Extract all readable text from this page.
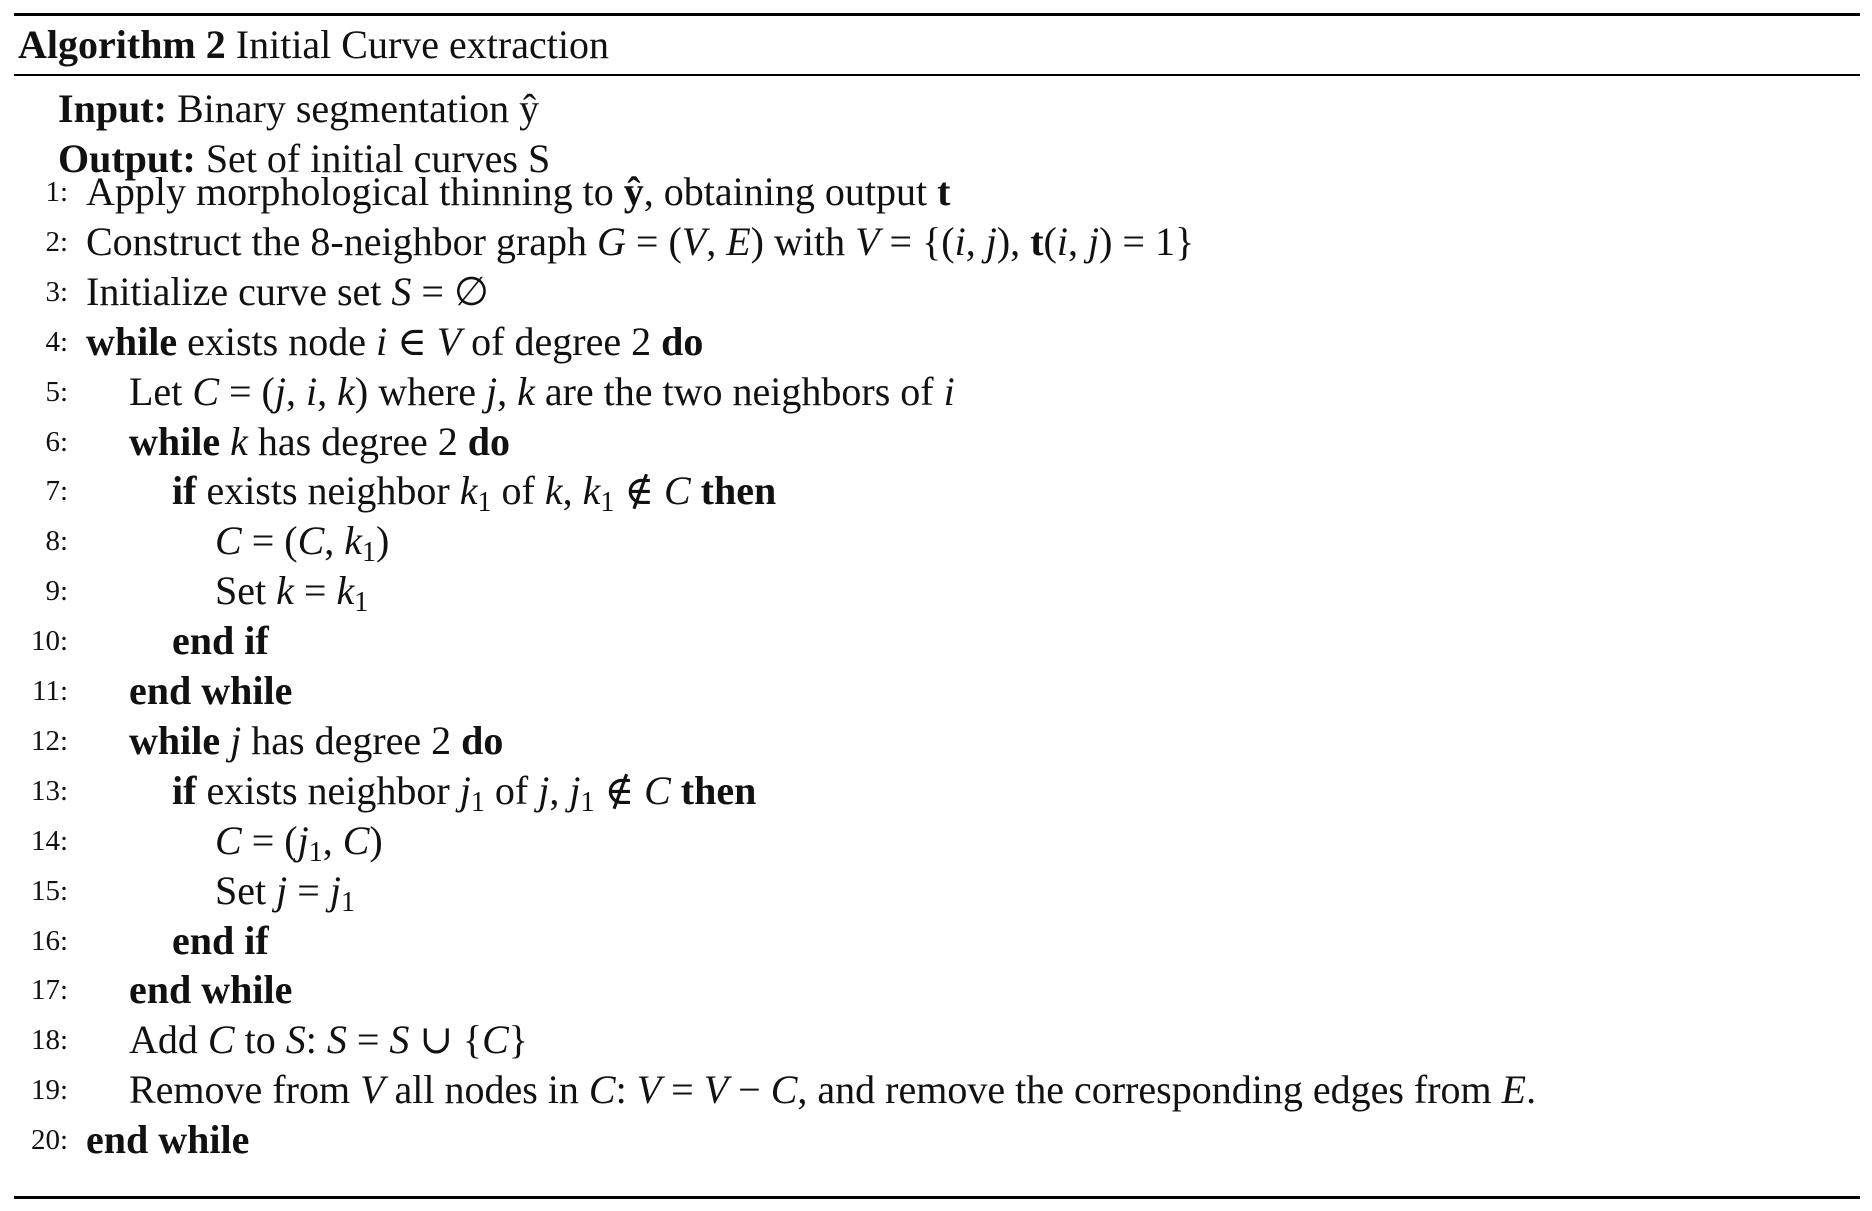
Algorithm 2 Initial Curve extraction
Input: Binary segmentation ŷ
Output: Set of initial curves S
1: Apply morphological thinning to ŷ, obtaining output t
2: Construct the 8-neighbor graph G = (V, E) with V = {(i, j), t(i, j) = 1}
3: Initialize curve set S = ∅
4: while exists node i ∈ V of degree 2 do
5: Let C = (j, i, k) where j, k are the two neighbors of i
6: while k has degree 2 do
7:	if exists neighbor $k_1$ of k, $k_1$ ∉ C then
8:	C = (C, $k_1$)
9:	Set $k = k_1$
10:	end if
11: end while
12: while j has degree 2 do
13:	if exists neighbor $j_1$ of j, $j_1$ ∉ C then
14:	$C = (j_1$, C)
15:	Set $j = j_1$
16:	end if
17: end while
18: Add C to S: S = S ∪ {C}
19: Remove from V all nodes in C: V = V − C, and remove the corresponding edges from E.
20: end while
